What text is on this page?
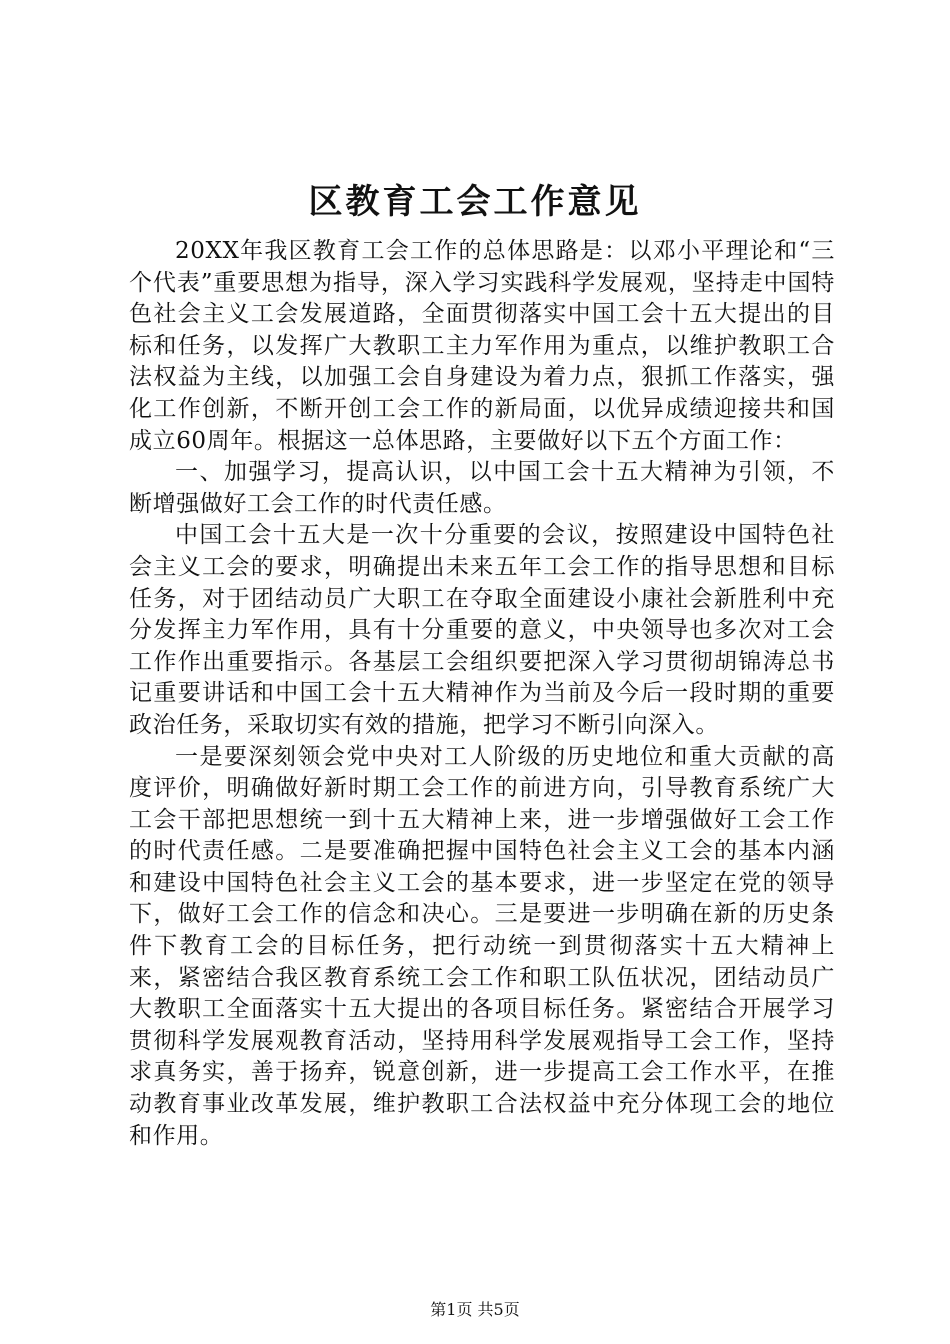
区教育工会工作意见

20XX年我区教育工会工作的总体思路是：以邓小平理论和“三个代表”重要思想为指导，深入学习实践科学发展观，坚持走中国特色社会主义工会发展道路，全面贯彻落实中国工会十五大提出的目标和任务，以发挥广大教职工主力军作用为重点，以维护教职工合法权益为主线，以加强工会自身建设为着力点，狠抓工作落实，强化工作创新，不断开创工会工作的新局面，以优异成绩迎接共和国成立60周年。根据这一总体思路，主要做好以下五个方面工作：

一、加强学习，提高认识，以中国工会十五大精神为引领，不断增强做好工会工作的时代责任感。

中国工会十五大是一次十分重要的会议，按照建设中国特色社会主义工会的要求，明确提出未来五年工会工作的指导思想和目标任务，对于团结动员广大职工在夺取全面建设小康社会新胜利中充分发挥主力军作用，具有十分重要的意义，中央领导也多次对工会工作作出重要指示。各基层工会组织要把深入学习贯彻胡锦涛总书记重要讲话和中国工会十五大精神作为当前及今后一段时期的重要政治任务，采取切实有效的措施，把学习不断引向深入。

一是要深刻领会党中央对工人阶级的历史地位和重大贡献的高度评价，明确做好新时期工会工作的前进方向，引导教育系统广大工会干部把思想统一到十五大精神上来，进一步增强做好工会工作的时代责任感。二是要准确把握中国特色社会主义工会的基本内涵和建设中国特色社会主义工会的基本要求，进一步坚定在党的领导下，做好工会工作的信念和决心。三是要进一步明确在新的历史条件下教育工会的目标任务，把行动统一到贯彻落实十五大精神上来，紧密结合我区教育系统工会工作和职工队伍状况，团结动员广大教职工全面落实十五大提出的各项目标任务。紧密结合开展学习贯彻科学发展观教育活动，坚持用科学发展观指导工会工作，坚持求真务实，善于扬弃，锐意创新，进一步提高工会工作水平，在推动教育事业改革发展，维护教职工合法权益中充分体现工会的地位和作用。

第1页 共5页
